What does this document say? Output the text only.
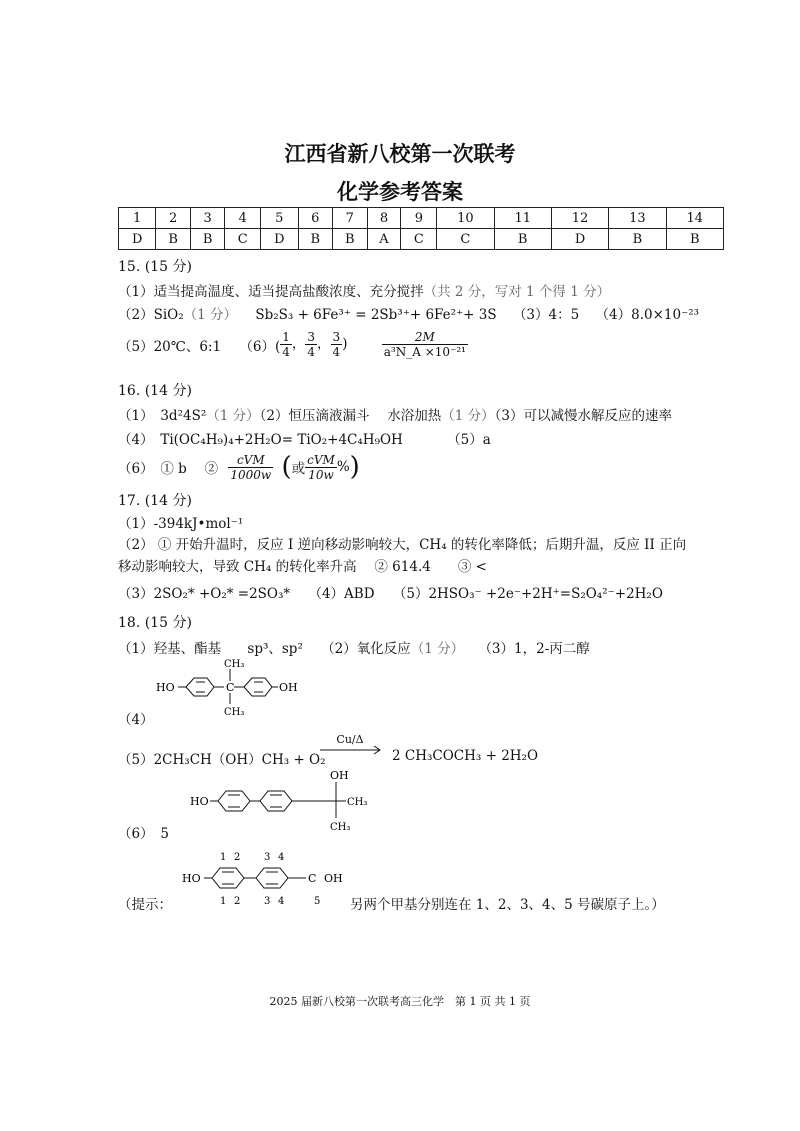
江西省新八校第一次联考
化学参考答案
1	2	3	4	5	6	7	8	9	10	11	12	13	14
D	B	B	C	D	B	B	A	C	C	B	D	B	B
15. (15 分)
（1）适当提高温度、适当提高盐酸浓度、充分搅拌（共 2 分，写对 1 个得 1 分）
（2）SiO₂（1 分） Sb₂S₃ + 6Fe³⁺ = 2Sb³⁺+ 6Fe²⁺+ 3S （3）4：5 （4）8.0×10⁻²³
（5）20℃、6:1 $(6)( \frac{1}{4}$ ， $\frac{3}{4}$ ， $\frac{3}{4}$ )	$\frac{2M}{\text{a³N\_A ×10⁻²¹}}$
16. (14 分)
（1）　3d²4S²（1 分）（2）恒压滴液漏斗　 水浴加热（1 分）（3）可以减慢水解反应的速率
（4）　Ti(OC₄H₉)₄+2H₂O= TiO₂+4C₄H₉OH	（5）a
（6）　① b　 ② $\frac{\text{cVM}}{1000w}$ (或 $\frac{\text{cVM}}{10w}$ %)
17. (14 分)
（1）-394kJ•mol⁻¹
（2） ① 开始升温时，反应 I 逆向移动影响较大，CH₄ 的转化率降低；后期升温，反应 II 正向
移动影响较大，导致 CH₄ 的转化率升高　 ② 614.4　　③ <
（3）2SO₂* +O₂* =2SO₃* （4）ABD （5）2HSO₃⁻ +2e⁻+2H⁺=S₂O₄²⁻+2H₂O
18. (15 分)
（1）羟基、酯基 sp³、sp² （2）氧化反应（1 分） （3）1，2-丙二醇
HO	C
CH₃
CH₃
OH
（4）
（5）2CH₃CH（OH）CH₃ + O₂
Cu/Δ
2 CH₃COCH₃ + 2H₂O
HO
OH
CH₃
CH₃
（6）　5
HO	C OH
1 2 3 4
1 2 3 4	5
（提示：	另两个甲基分别连在 1、2、3、4、5 号碳原子上。）
2025 届新八校第一次联考高三化学　第 1 页 共 1 页
